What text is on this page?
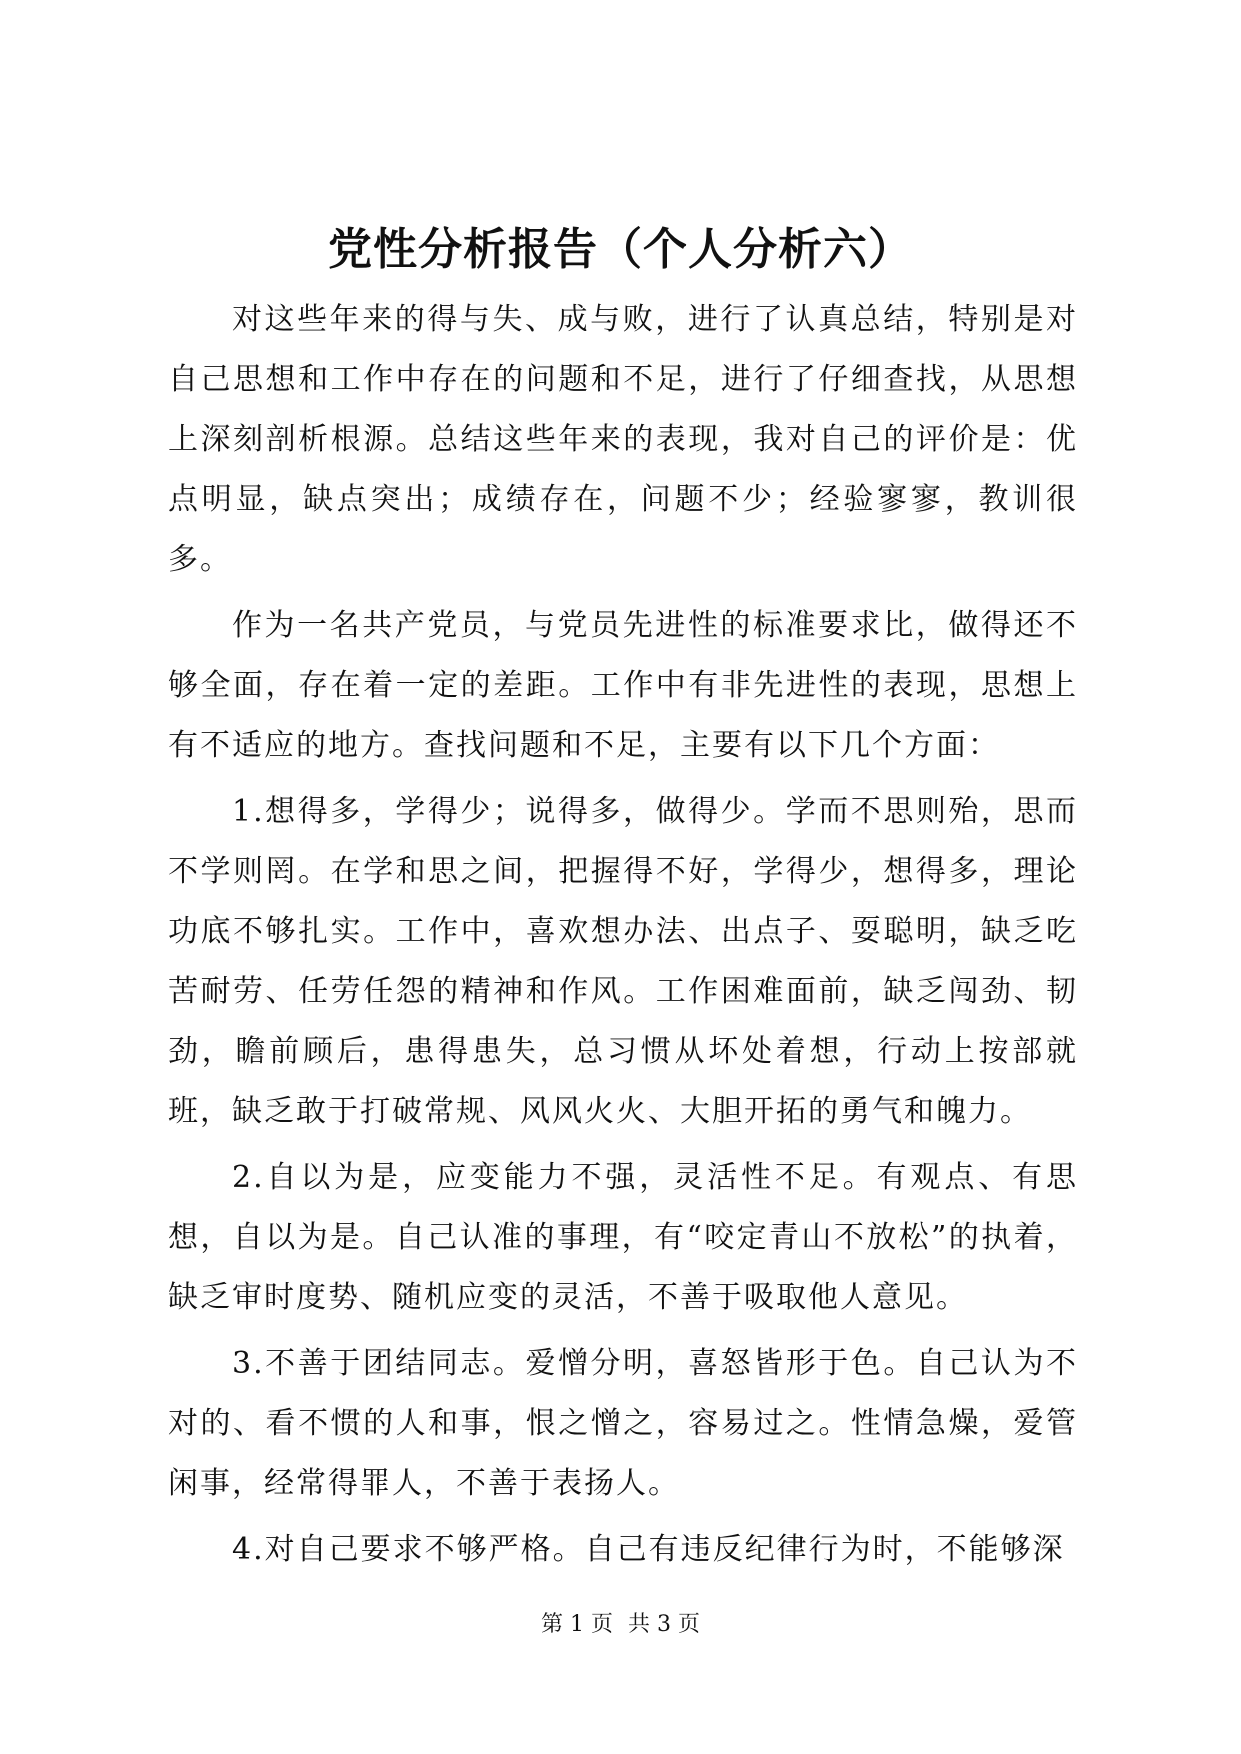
党性分析报告（个人分析六）

对这些年来的得与失、成与败，进行了认真总结，特别是对自己思想和工作中存在的问题和不足，进行了仔细查找，从思想上深刻剖析根源。总结这些年来的表现，我对自己的评价是：优点明显，缺点突出；成绩存在，问题不少；经验寥寥，教训很多。

作为一名共产党员，与党员先进性的标准要求比，做得还不够全面，存在着一定的差距。工作中有非先进性的表现，思想上有不适应的地方。查找问题和不足，主要有以下几个方面：

1.想得多，学得少；说得多，做得少。学而不思则殆，思而不学则罔。在学和思之间，把握得不好，学得少，想得多，理论功底不够扎实。工作中，喜欢想办法、出点子、耍聪明，缺乏吃苦耐劳、任劳任怨的精神和作风。工作困难面前，缺乏闯劲、韧劲，瞻前顾后，患得患失，总习惯从坏处着想，行动上按部就班，缺乏敢于打破常规、风风火火、大胆开拓的勇气和魄力。

2.自以为是，应变能力不强，灵活性不足。有观点、有思想，自以为是。自己认准的事理，有“咬定青山不放松”的执着，缺乏审时度势、随机应变的灵活，不善于吸取他人意见。

3.不善于团结同志。爱憎分明，喜怒皆形于色。自己认为不对的、看不惯的人和事，恨之憎之，容易过之。性情急燥，爱管闲事，经常得罪人，不善于表扬人。

4.对自己要求不够严格。自己有违反纪律行为时，不能够深

第 1 页 共 3 页
